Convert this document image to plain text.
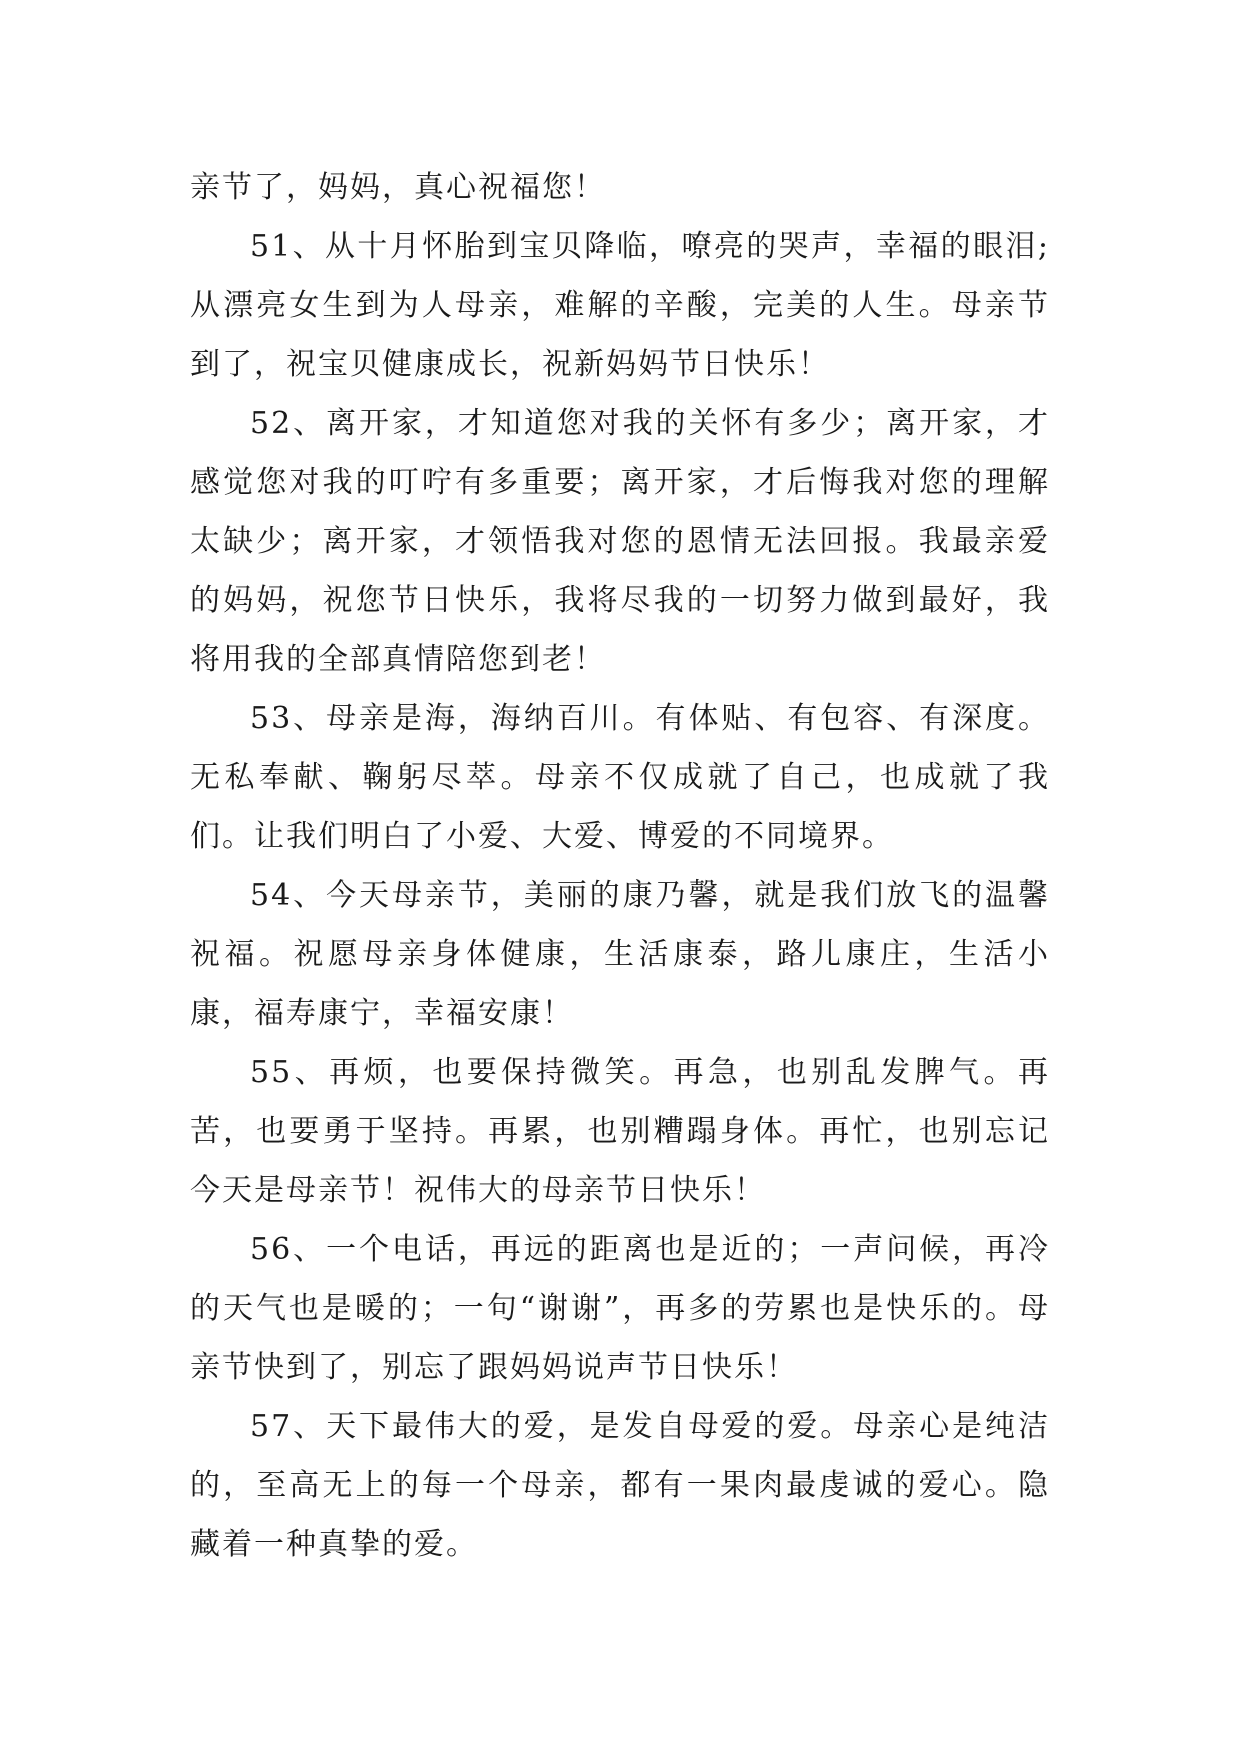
亲节了，妈妈，真心祝福您！

51、从十月怀胎到宝贝降临，嘹亮的哭声，幸福的眼泪;从漂亮女生到为人母亲，难解的辛酸，完美的人生。母亲节到了，祝宝贝健康成长，祝新妈妈节日快乐！

52、离开家，才知道您对我的关怀有多少；离开家，才感觉您对我的叮咛有多重要；离开家，才后悔我对您的理解太缺少；离开家，才领悟我对您的恩情无法回报。我最亲爱的妈妈，祝您节日快乐，我将尽我的一切努力做到最好，我将用我的全部真情陪您到老！

53、母亲是海，海纳百川。有体贴、有包容、有深度。无私奉献、鞠躬尽萃。母亲不仅成就了自己，也成就了我们。让我们明白了小爱、大爱、博爱的不同境界。

54、今天母亲节，美丽的康乃馨，就是我们放飞的温馨祝福。祝愿母亲身体健康，生活康泰，路儿康庄，生活小康，福寿康宁，幸福安康！

55、再烦，也要保持微笑。再急，也别乱发脾气。再苦，也要勇于坚持。再累，也别糟蹋身体。再忙，也别忘记今天是母亲节！祝伟大的母亲节日快乐！

56、一个电话，再远的距离也是近的；一声问候，再冷的天气也是暖的；一句“谢谢”，再多的劳累也是快乐的。母亲节快到了，别忘了跟妈妈说声节日快乐！

57、天下最伟大的爱，是发自母爱的爱。母亲心是纯洁的，至高无上的每一个母亲，都有一果肉最虔诚的爱心。隐藏着一种真挚的爱。
